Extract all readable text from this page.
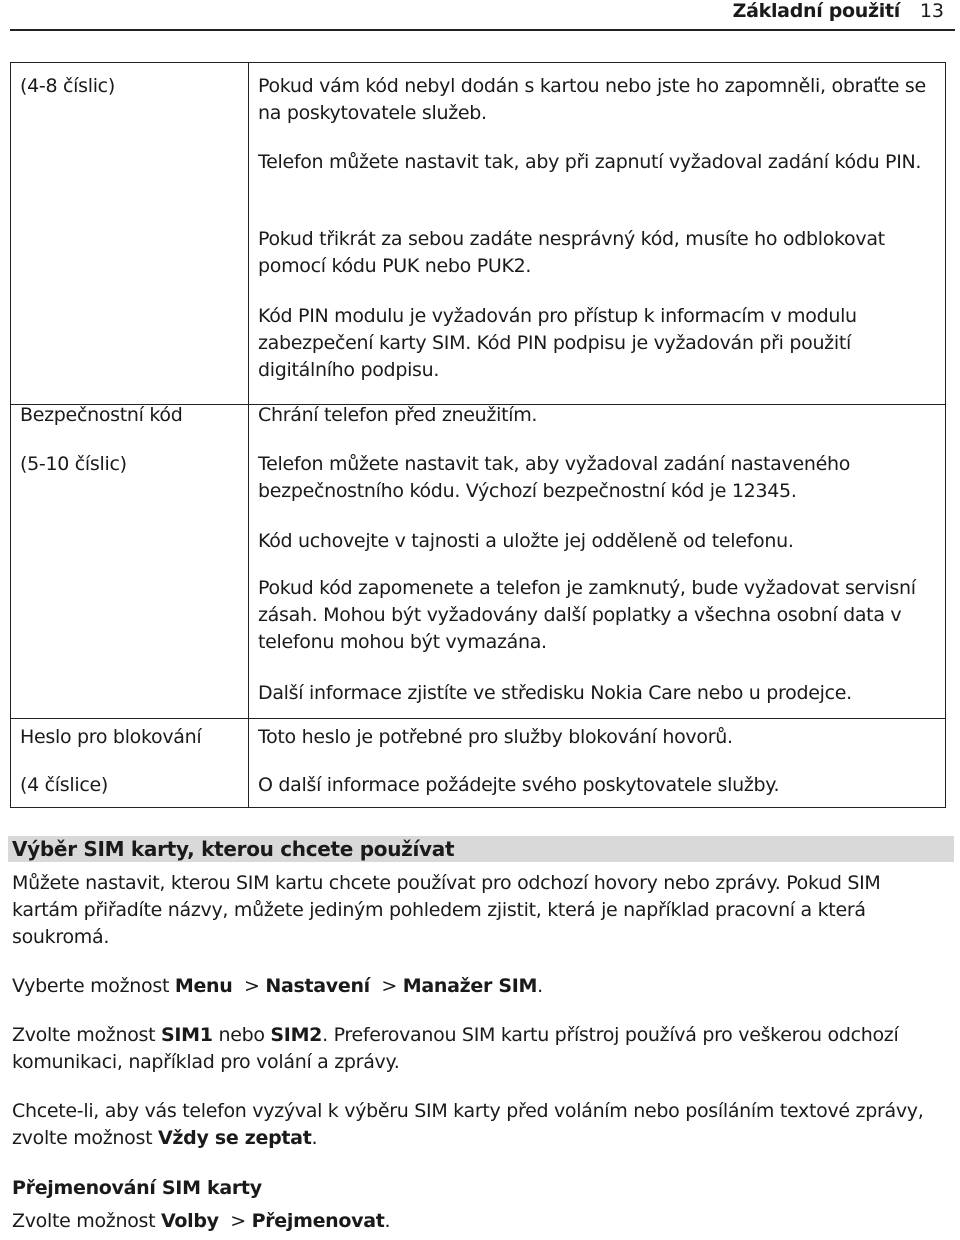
Základní použití 13
(4-8 číslic)	Pokud vám kód nebyl dodán s kartou nebo jste ho zapomněli, obraťte se na poskytovatele služeb.
Telefon můžete nastavit tak, aby při zapnutí vyžadoval zadání kódu PIN.
Pokud třikrát za sebou zadáte nesprávný kód, musíte ho odblokovat pomocí kódu PUK nebo PUK2.
Kód PIN modulu je vyžadován pro přístup k informacím v modulu zabezpečení karty SIM. Kód PIN podpisu je vyžadován při použití digitálního podpisu.
Bezpečnostní kód
(5-10 číslic)
Chrání telefon před zneužitím.
Telefon můžete nastavit tak, aby vyžadoval zadání nastaveného bezpečnostního kódu. Výchozí bezpečnostní kód je 12345.
Kód uchovejte v tajnosti a uložte jej odděleně od telefonu.
Pokud kód zapomenete a telefon je zamknutý, bude vyžadovat servisní zásah. Mohou být vyžadovány další poplatky a všechna osobní data v telefonu mohou být vymazána.
Další informace zjistíte ve středisku Nokia Care nebo u prodejce.
Heslo pro blokování
(4 číslice)
Toto heslo je potřebné pro služby blokování hovorů.
O další informace požádejte svého poskytovatele služby.
Výběr SIM karty, kterou chcete používat
Můžete nastavit, kterou SIM kartu chcete používat pro odchozí hovory nebo zprávy. Pokud SIM kartám přiřadíte názvy, můžete jediným pohledem zjistit, která je například pracovní a která soukromá.
Vyberte možnost Menu  > Nastavení  > Manažer SIM.
Zvolte možnost SIM1 nebo SIM2. Preferovanou SIM kartu přístroj používá pro veškerou odchozí komunikaci, například pro volání a zprávy.
Chcete-li, aby vás telefon vyzýval k výběru SIM karty před voláním nebo posíláním textové zprávy, zvolte možnost Vždy se zeptat.
Přejmenování SIM karty
Zvolte možnost Volby  > Přejmenovat.
